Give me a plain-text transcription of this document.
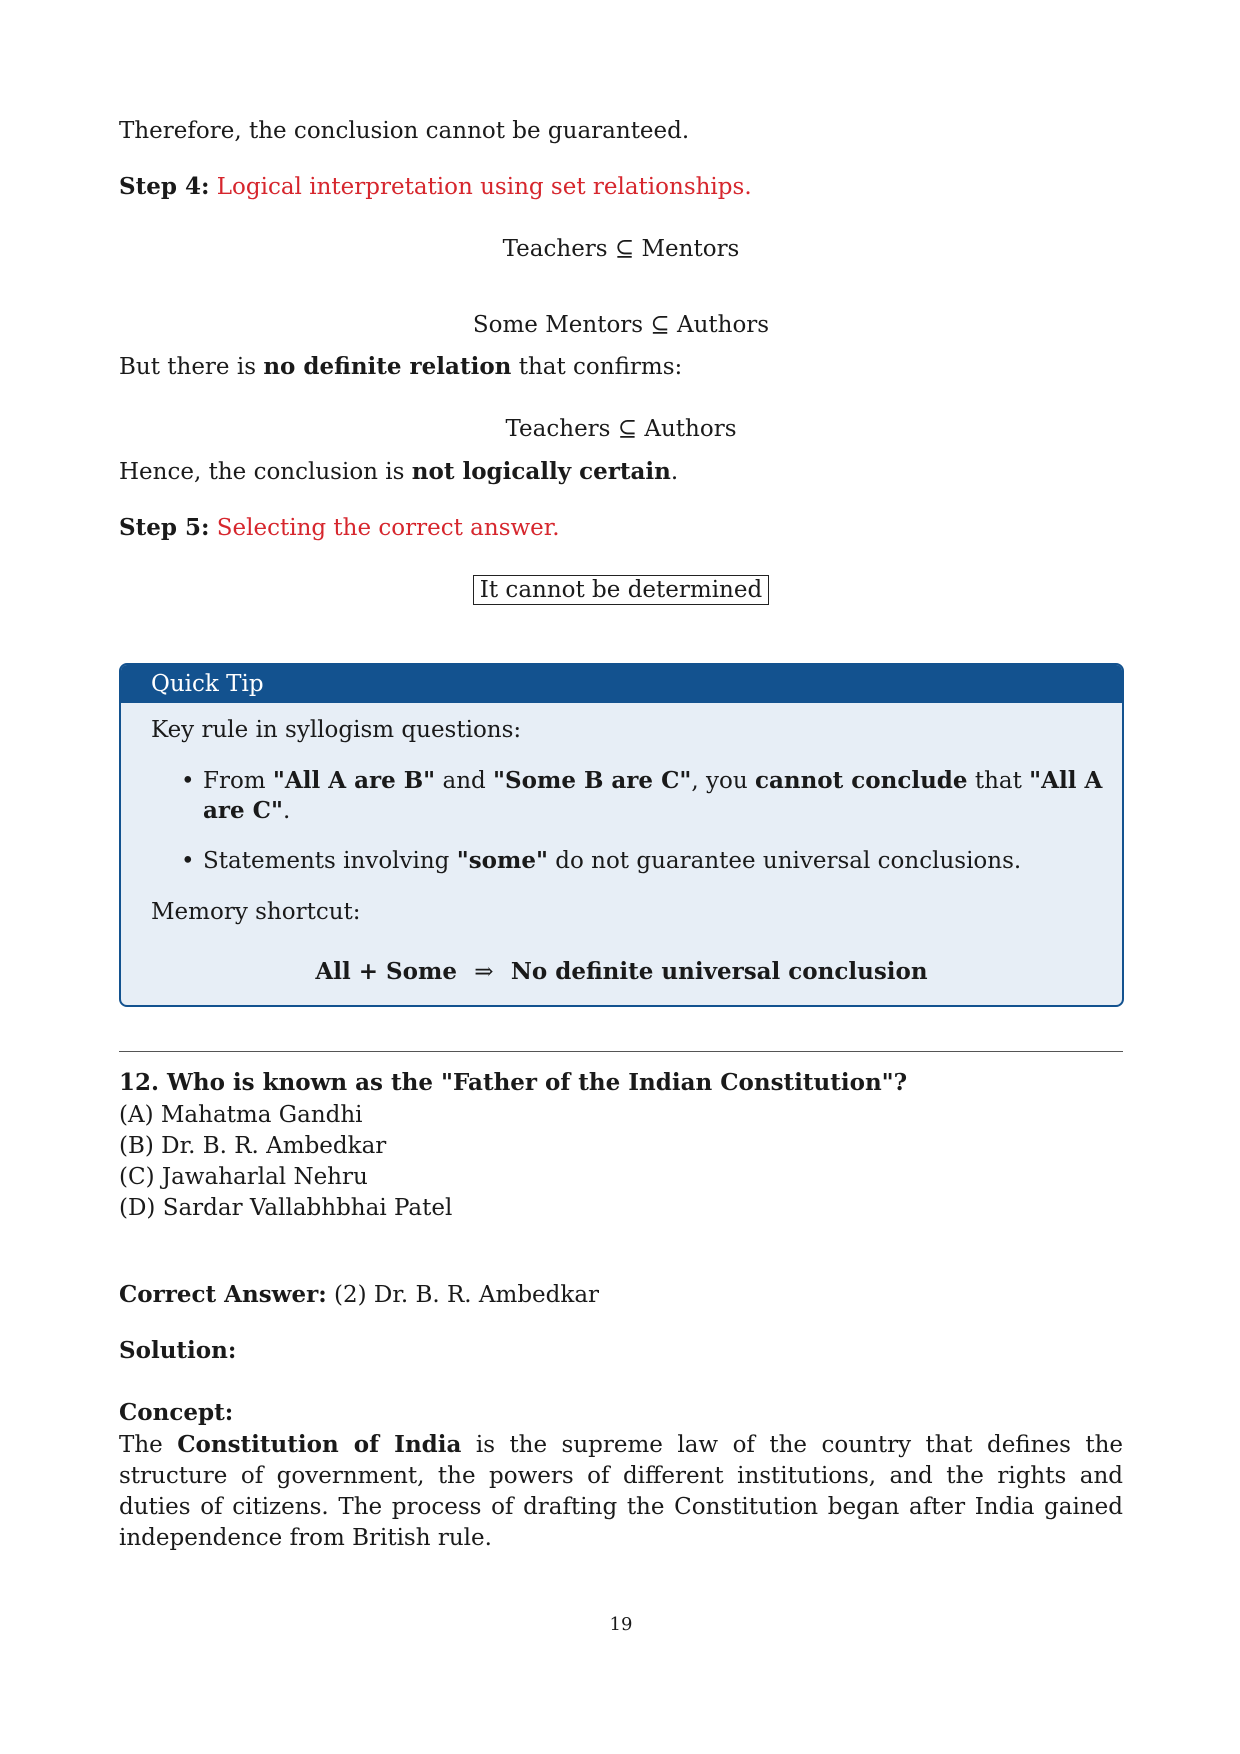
Therefore, the conclusion cannot be guaranteed.
Step 4: Logical interpretation using set relationships.
Teachers ⊆ Mentors
Some Mentors ⊆ Authors
But there is no definite relation that confirms:
Teachers ⊆ Authors
Hence, the conclusion is not logically certain.
Step 5: Selecting the correct answer.
It cannot be determined
Quick Tip
Key rule in syllogism questions:
• From "All A are B" and "Some B are C", you cannot conclude that "All A
are C".
• Statements involving "some" do not guarantee universal conclusions.
Memory shortcut:
All + Some ⇒ No definite universal conclusion
12. Who is known as the "Father of the Indian Constitution"?
(A) Mahatma Gandhi
(B) Dr. B. R. Ambedkar
(C) Jawaharlal Nehru
(D) Sardar Vallabhbhai Patel
Correct Answer: (2) Dr. B. R. Ambedkar
Solution:
Concept:
The Constitution of India is the supreme law of the country that defines the structure of government, the powers of different institutions, and the rights and duties of citizens. The process of drafting the Constitution began after India gained independence from British rule.
19
